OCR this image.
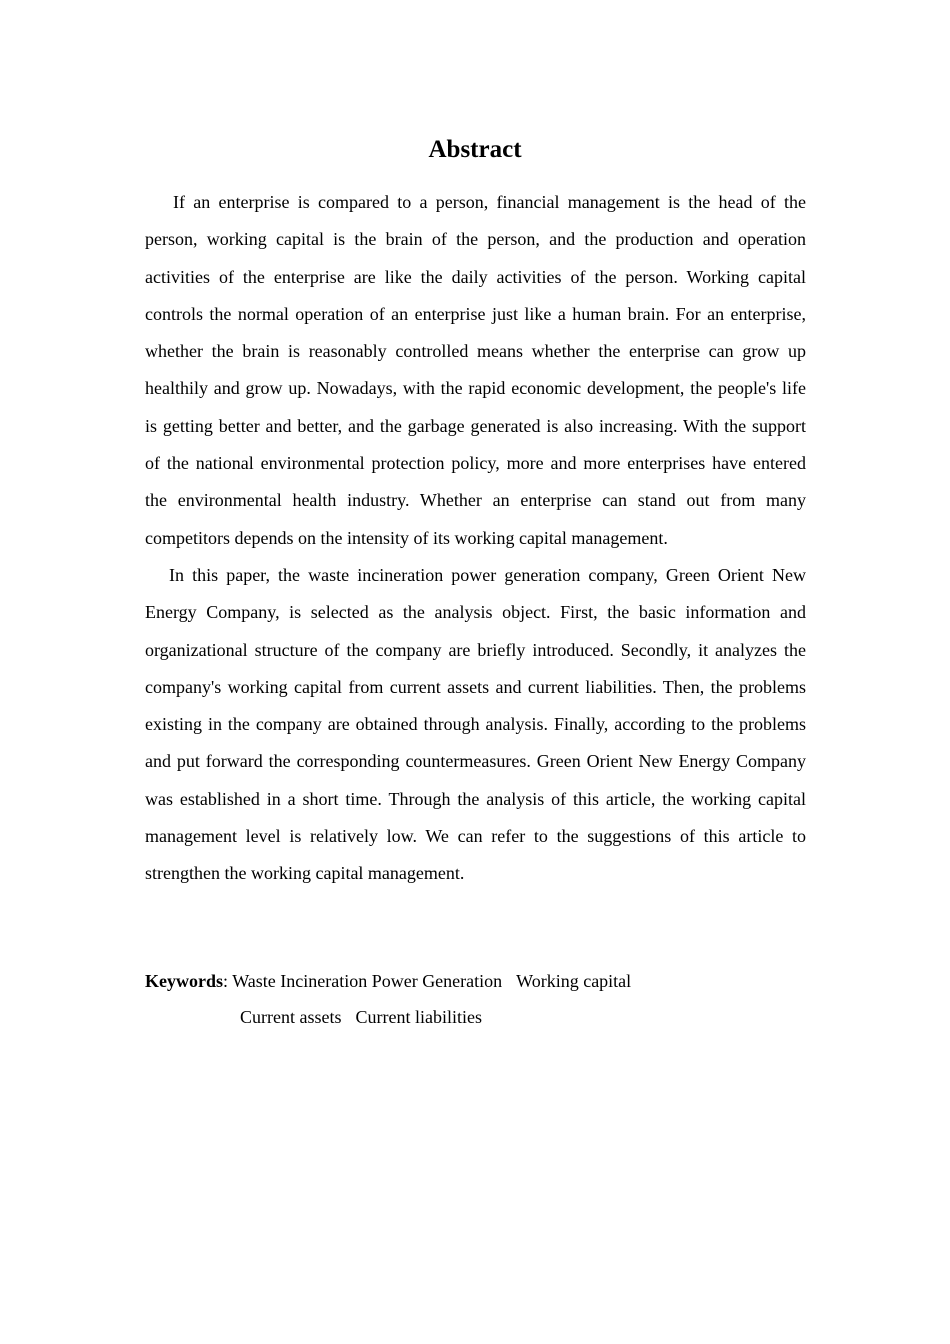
Abstract

If an enterprise is compared to a person, financial management is the head of the person, working capital is the brain of the person, and the production and operation activities of the enterprise are like the daily activities of the person. Working capital controls the normal operation of an enterprise just like a human brain. For an enterprise, whether the brain is reasonably controlled means whether the enterprise can grow up healthily and grow up. Nowadays, with the rapid economic development, the people's life is getting better and better, and the garbage generated is also increasing. With the support of the national environmental protection policy, more and more enterprises have entered the environmental health industry. Whether an enterprise can stand out from many competitors depends on the intensity of its working capital management.

In this paper, the waste incineration power generation company, Green Orient New Energy Company, is selected as the analysis object. First, the basic information and organizational structure of the company are briefly introduced. Secondly, it analyzes the company's working capital from current assets and current liabilities. Then, the problems existing in the company are obtained through analysis. Finally, according to the problems and put forward the corresponding countermeasures. Green Orient New Energy Company was established in a short time. Through the analysis of this article, the working capital management level is relatively low. We can refer to the suggestions of this article to strengthen the working capital management.

Keywords: Waste Incineration Power Generation Working capital
Current assets Current liabilities
